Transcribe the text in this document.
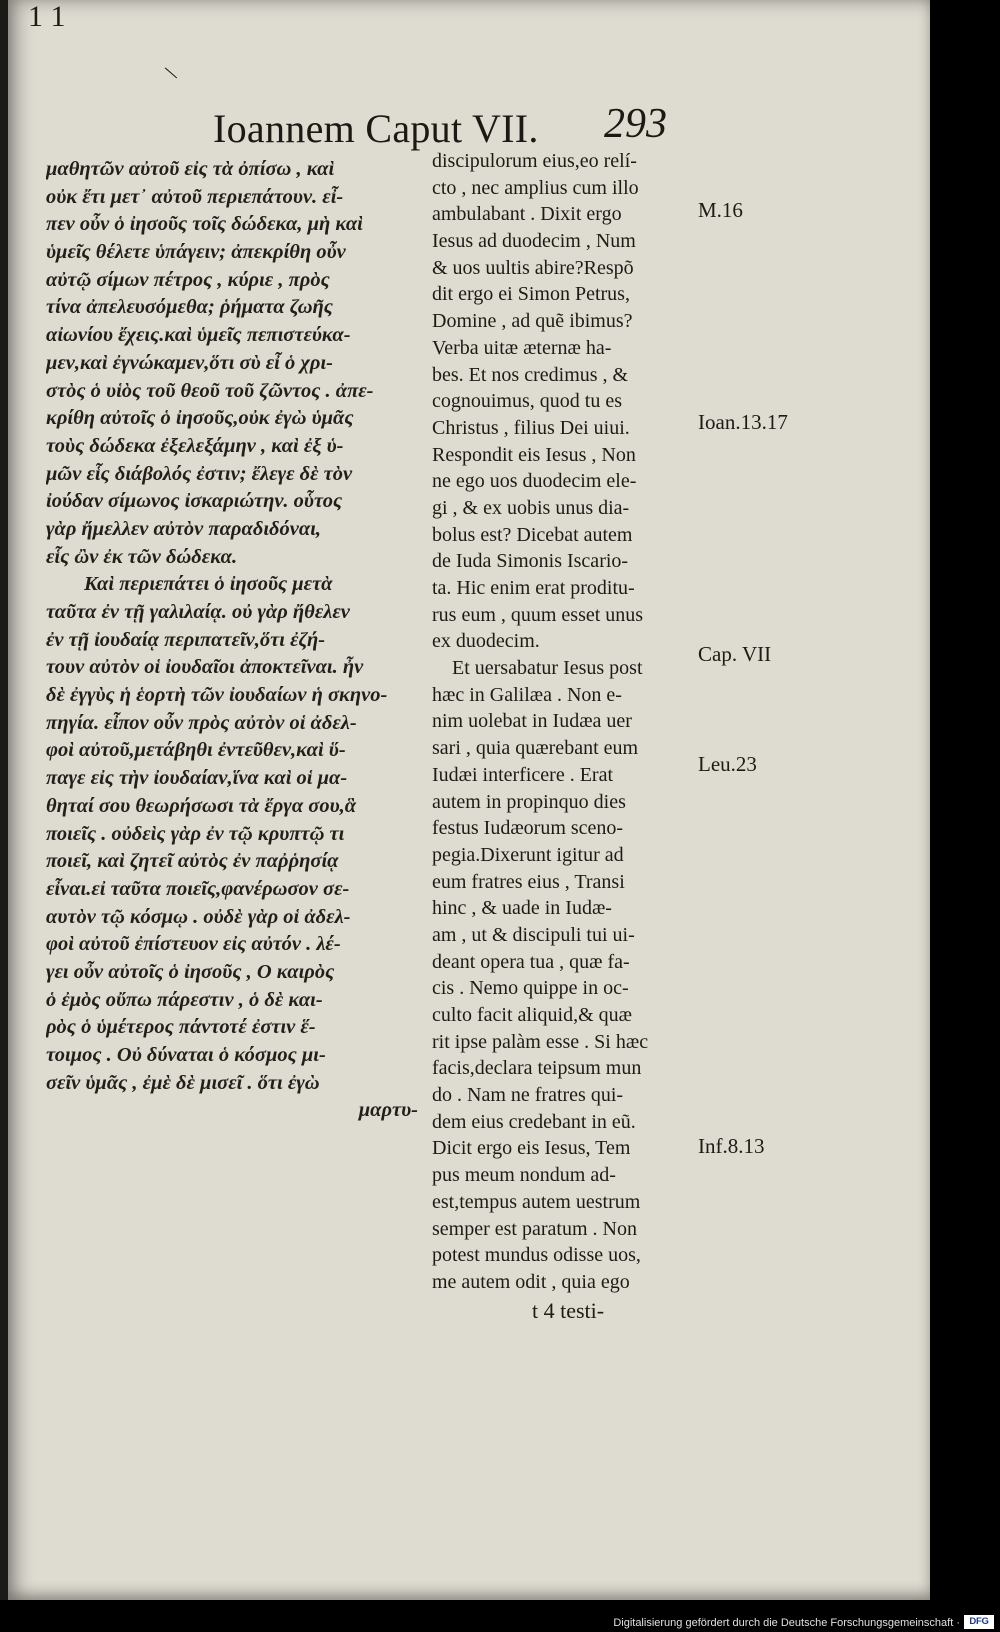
1 1
\
Ioannem Caput VII. 293
μαθητῶν αὐτοῦ εἰς τὰ ὀπίσω , καὶ
οὐκ ἔτι μετ᾽ αὐτοῦ περιεπάτουν. εἶ-
πεν οὖν ὁ ἰησοῦς τοῖς δώδεκα, μὴ καὶ
ὑμεῖς θέλετε ὑπάγειν; ἀπεκρίθη οὖν
αὐτῷ σίμων πέτρος , κύριε , πρὸς
τίνα ἀπελευσόμεθα; ῥήματα ζωῆς
αἰωνίου ἔχεις.καὶ ὑμεῖς πεπιστεύκα-
μεν,καὶ ἐγνώκαμεν,ὅτι σὺ εἶ ὁ χρι-
στὸς ὁ υἱὸς τοῦ θεοῦ τοῦ ζῶντος . ἀπε-
κρίθη αὐτοῖς ὁ ἰησοῦς,οὐκ ἐγὼ ὑμᾶς
τοὺς δώδεκα ἐξελεξάμην , καὶ ἐξ ὑ-
μῶν εἷς διάβολός ἐστιν; ἔλεγε δὲ τὸν
ἰούδαν σίμωνος ἰσκαριώτην. οὗτος
γὰρ ἤμελλεν αὐτὸν παραδιδόναι,
εἷς ὢν ἐκ τῶν δώδεκα.
Καὶ περιεπάτει ὁ ἰησοῦς μετὰ
ταῦτα ἐν τῇ γαλιλαίᾳ. οὐ γὰρ ἤθελεν
ἐν τῇ ἰουδαίᾳ περιπατεῖν,ὅτι ἐζή-
τουν αὐτὸν οἱ ἰουδαῖοι ἀποκτεῖναι. ἦν
δὲ ἐγγὺς ἡ ἑορτὴ τῶν ἰουδαίων ἡ σκηνο-
πηγία. εἶπον οὖν πρὸς αὐτὸν οἱ ἀδελ-
φοὶ αὐτοῦ,μετάβηθι ἐντεῦθεν,καὶ ὕ-
παγε εἰς τὴν ἰουδαίαν,ἵνα καὶ οἱ μα-
θηταί σου θεωρήσωσι τὰ ἔργα σου,ἃ
ποιεῖς . οὐδεὶς γὰρ ἐν τῷ κρυπτῷ τι
ποιεῖ, καὶ ζητεῖ αὐτὸς ἐν παῤῥησίᾳ
εἶναι.εἰ ταῦτα ποιεῖς,φανέρωσον σε-
αυτὸν τῷ κόσμῳ . οὐδὲ γὰρ οἱ ἀδελ-
φοὶ αὐτοῦ ἐπίστευον εἰς αὐτόν . λέ-
γει οὖν αὐτοῖς ὁ ἰησοῦς , Ο καιρὸς
ὁ ἐμὸς οὔπω πάρεστιν , ὁ δὲ και-
ρὸς ὁ ὑμέτερος πάντοτέ ἐστιν ἕ-
τοιμος . Οὐ δύναται ὁ κόσμος μι-
σεῖν ὑμᾶς , ἐμὲ δὲ μισεῖ . ὅτι ἐγὼ
μαρτυ-
discipulorum eius,eo relí-
cto , nec amplius cum illo
ambulabant . Dixit ergo
Iesus ad duodecim , Num
& uos uultis abire?Respõ
dit ergo ei Simon Petrus,
Domine , ad quẽ ibimus?
Verba uitæ æternæ ha-
bes. Et nos credimus , &
cognouimus, quod tu es
Christus , filius Dei uiui.
Respondit eis Iesus , Non
ne ego uos duodecim ele-
gi , & ex uobis unus dia-
bolus est? Dicebat autem
de Iuda Simonis Iscario-
ta. Hic enim erat proditu-
rus eum , quum esset unus
ex duodecim.
Et uersabatur Iesus post
hæc in Galilæa . Non e-
nim uolebat in Iudæa uer
sari , quia quærebant eum
Iudæi interficere . Erat
autem in propinquo dies
festus Iudæorum sceno-
pegia.Dixerunt igitur ad
eum fratres eius , Transi
hinc , & uade in Iudæ-
am , ut & discipuli tui ui-
deant opera tua , quæ fa-
cis . Nemo quippe in oc-
culto facit aliquid,& quæ
rit ipse palàm esse . Si hæc
facis,declara teipsum mun
do . Nam ne fratres qui-
dem eius credebant in eũ.
Dicit ergo eis Iesus, Tem
pus meum nondum ad-
est,tempus autem uestrum
semper est paratum . Non
potest mundus odisse uos,
me autem odit , quia ego
t 4 testi-
M.16
Ioan.13.17
Cap. VII
Leu.23
Inf.8.13
Digitalisierung gefördert durch die Deutsche Forschungsgemeinschaft · DFG
